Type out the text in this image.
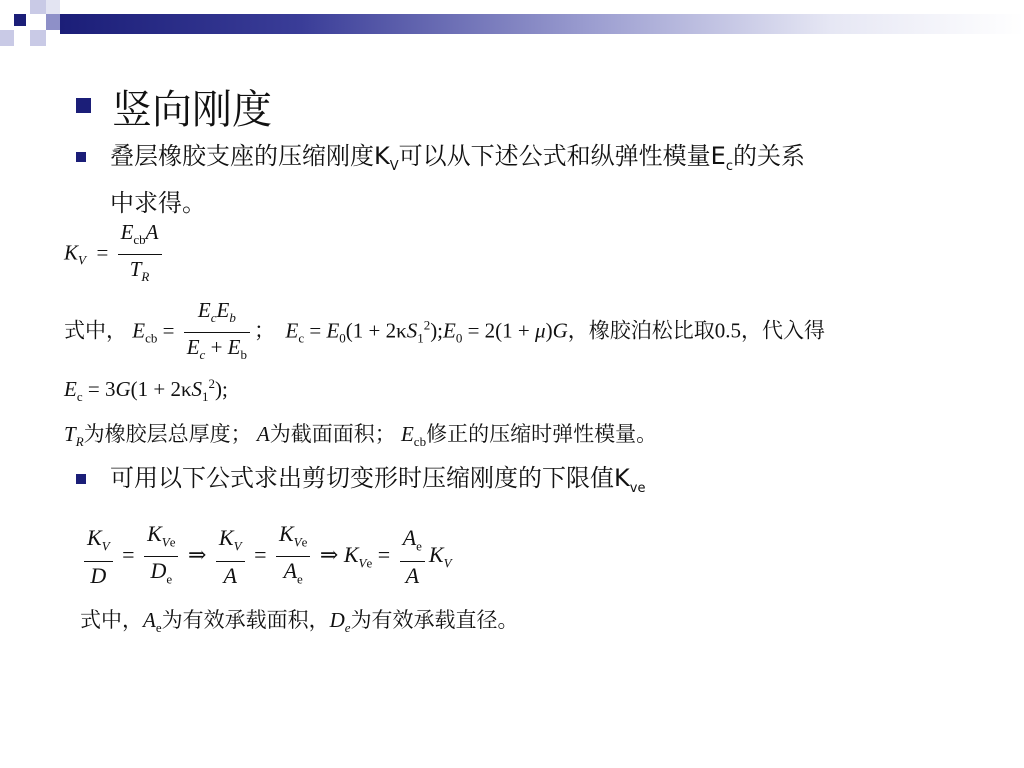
竖向刚度
叠层橡胶支座的压缩刚度$K_V$可以从下述公式和纵弹性模量$E_c$的关系
中求得。
$K_V = \frac{E_{cb}A}{T_R}$
式中， $E_{cb} = \frac{E_cE_b}{E_c + E_b}$ ；  $E_c = E_0(1$ + $2\kappa S_1^2);E_0 = 2(1 + \mu)G$，橡胶泊松比取0.5，代入得
$E_c = 3G(1 + 2\kappa S_1^2)$;
$T_R$为橡胶层总厚度； A为截面面积； $E_{cb}$修正的压缩时弹性模量。
可用以下公式求出剪切变形时压缩刚度的下限值$K_{ve}$
$\frac{K_V}{D} = \frac{K_{Ve}}{D_e}$ ⇒ $\frac{K_V}{A} = \frac{K_{Ve}}{A_e}$ ⇒ $K_{Ve} = \frac{A_e}{A} K_V$
式中，$A_e$为有效承载面积，$D_e$为有效承载直径。
